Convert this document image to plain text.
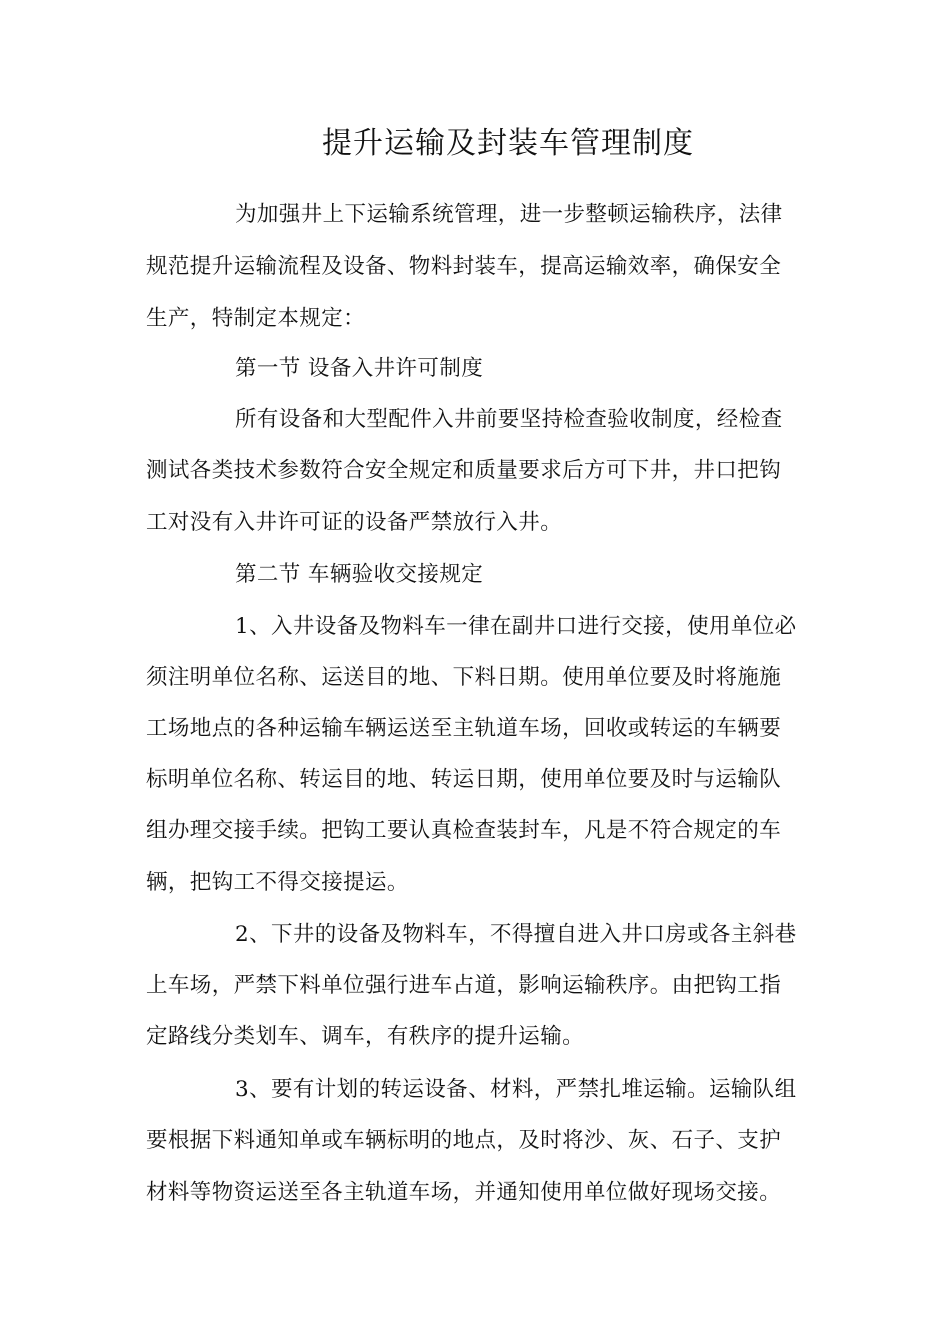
提升运输及封装车管理制度
为加强井上下运输系统管理，进一步整顿运输秩序，法律
规范提升运输流程及设备、物料封装车，提高运输效率，确保安全
生产，特制定本规定：
第一节 设备入井许可制度
所有设备和大型配件入井前要坚持检查验收制度，经检查
测试各类技术参数符合安全规定和质量要求后方可下井，井口把钩
工对没有入井许可证的设备严禁放行入井。
第二节 车辆验收交接规定
1、入井设备及物料车一律在副井口进行交接，使用单位必
须注明单位名称、运送目的地、下料日期。使用单位要及时将施施
工场地点的各种运输车辆运送至主轨道车场，回收或转运的车辆要
标明单位名称、转运目的地、转运日期，使用单位要及时与运输队
组办理交接手续。把钩工要认真检查装封车，凡是不符合规定的车
辆，把钩工不得交接提运。
2、下井的设备及物料车，不得擅自进入井口房或各主斜巷
上车场，严禁下料单位强行进车占道，影响运输秩序。由把钩工指
定路线分类划车、调车，有秩序的提升运输。
3、要有计划的转运设备、材料，严禁扎堆运输。运输队组
要根据下料通知单或车辆标明的地点，及时将沙、灰、石子、支护
材料等物资运送至各主轨道车场，并通知使用单位做好现场交接。
